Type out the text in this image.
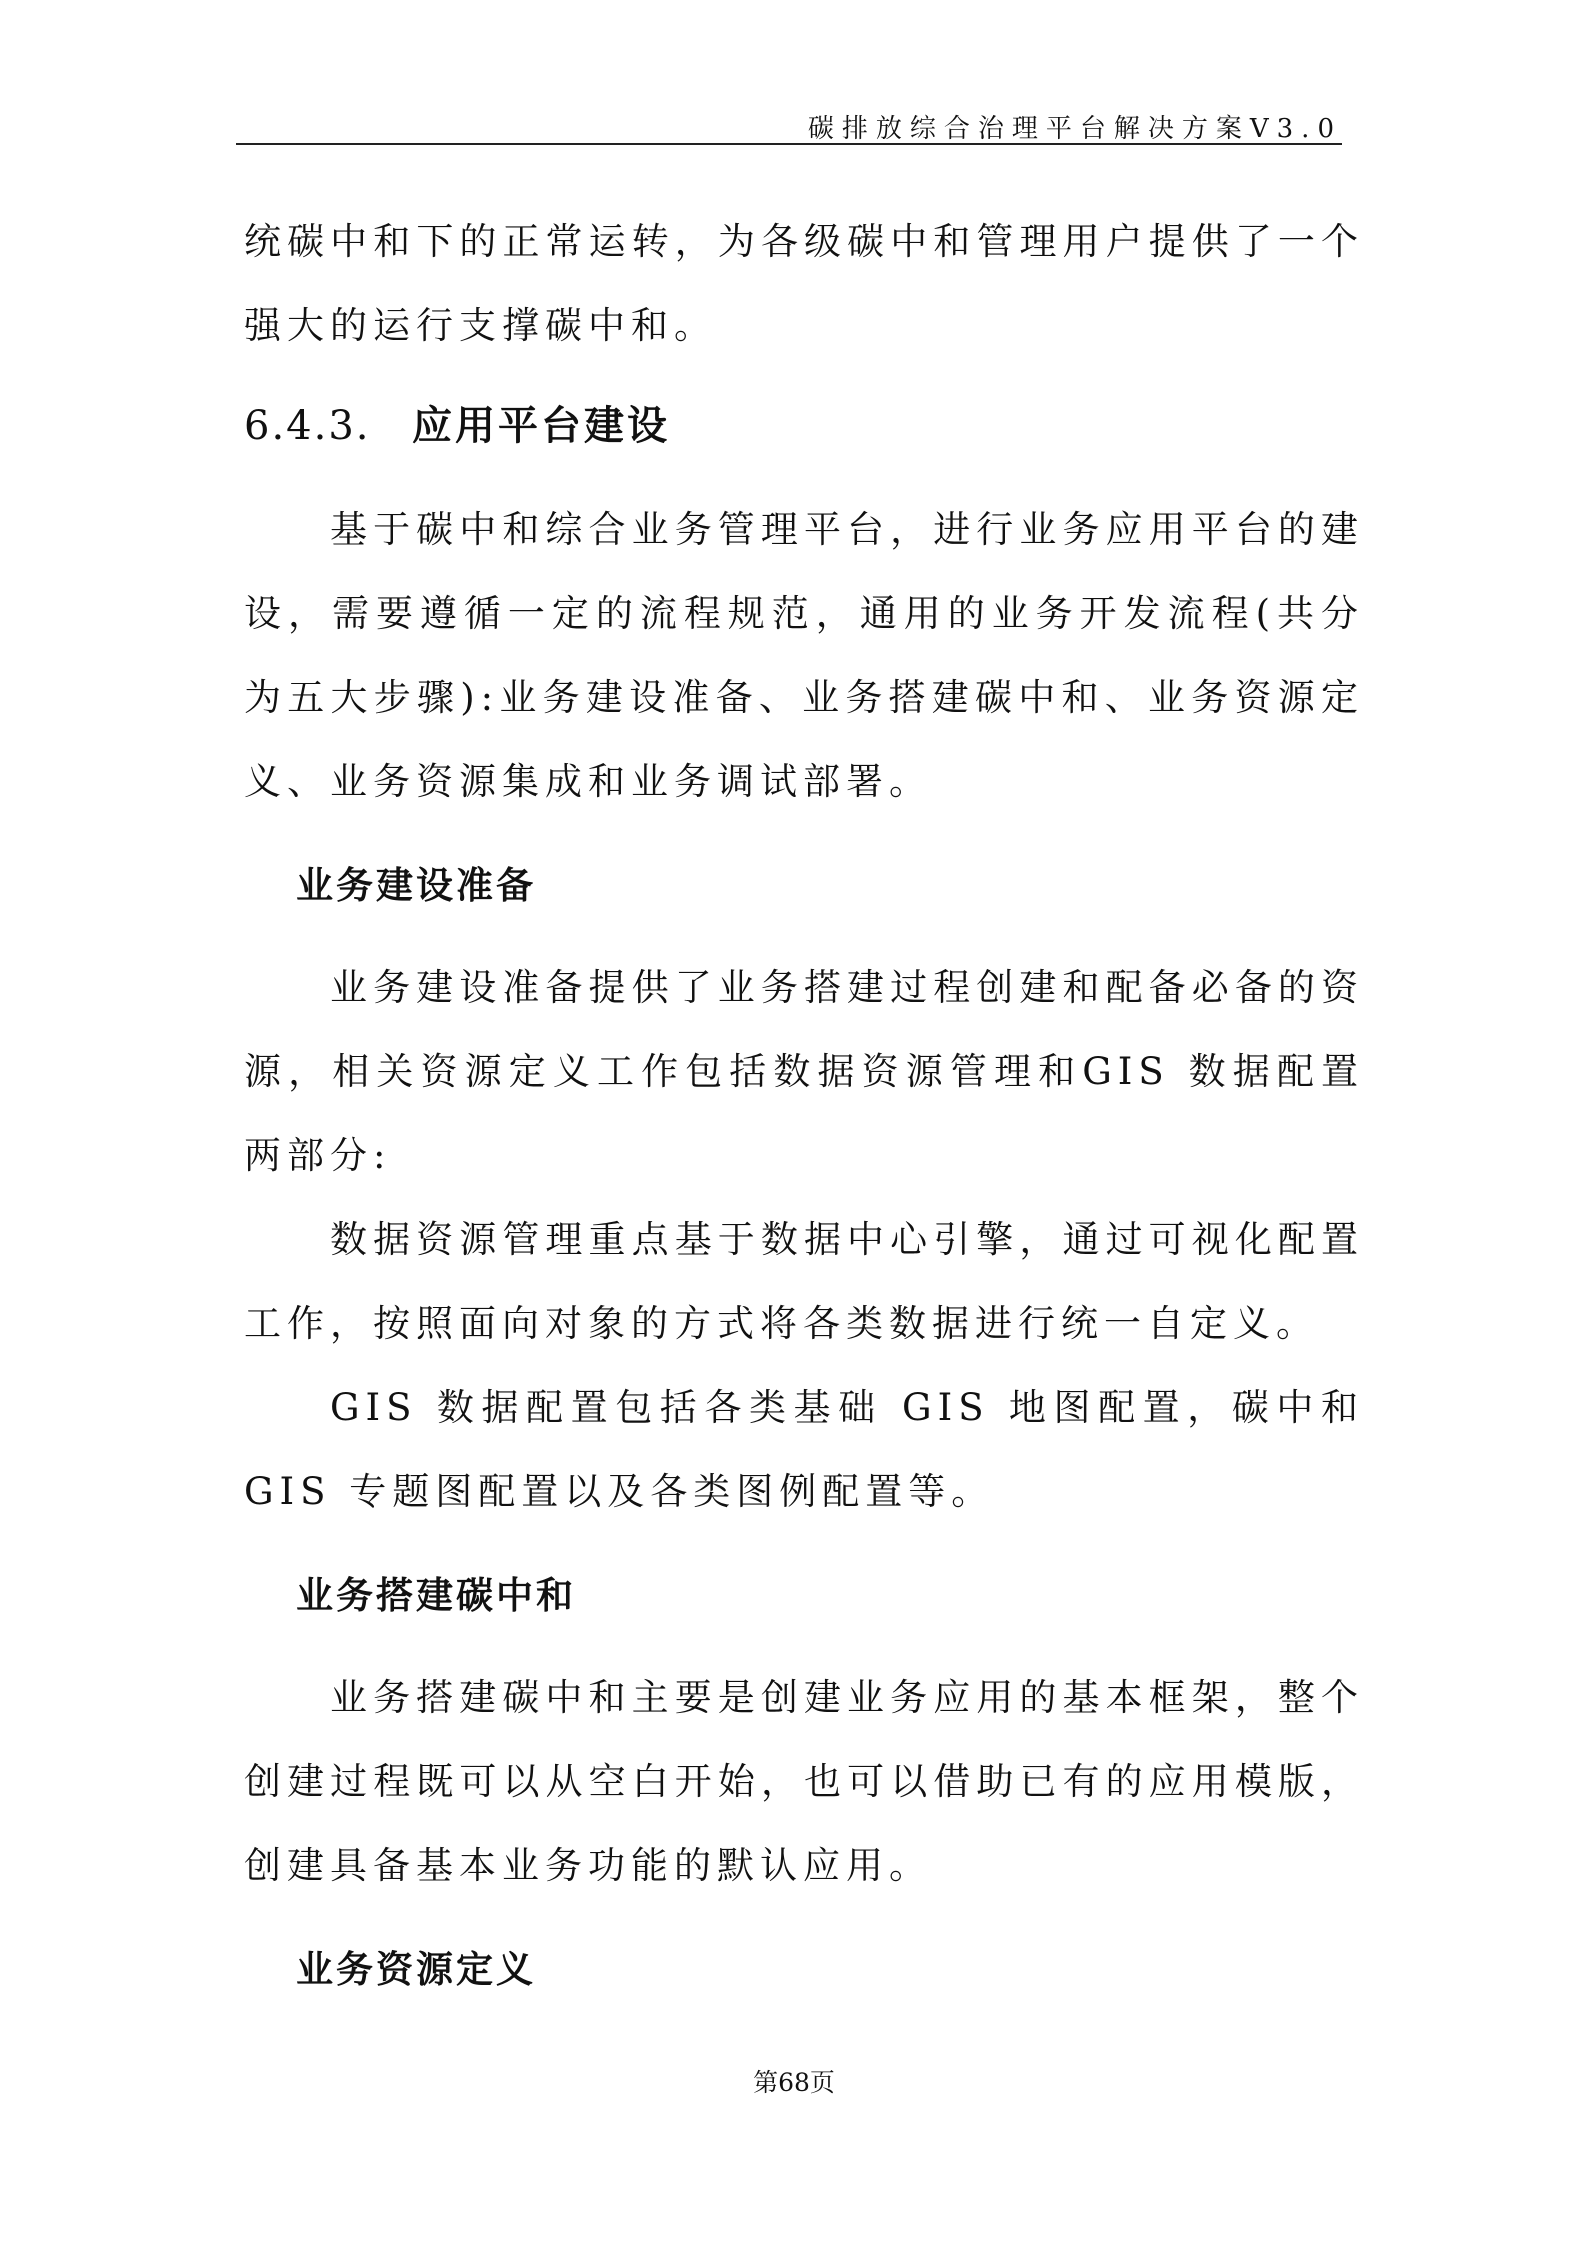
碳排放综合治理平台解决方案V3.0

统碳中和下的正常运转，为各级碳中和管理用户提供了一个强大的运行支撑碳中和。

6.4.3.	应用平台建设

基于碳中和综合业务管理平台，进行业务应用平台的建设，需要遵循一定的流程规范，通用的业务开发流程(共分为五大步骤):业务建设准备、业务搭建碳中和、业务资源定义、业务资源集成和业务调试部署。

业务建设准备

业务建设准备提供了业务搭建过程创建和配备必备的资源，相关资源定义工作包括数据资源管理和GIS 数据配置两部分:

数据资源管理重点基于数据中心引擎，通过可视化配置工作，按照面向对象的方式将各类数据进行统一自定义。

GIS 数据配置包括各类基础 GIS 地图配置，碳中和 GIS 专题图配置以及各类图例配置等。

业务搭建碳中和

业务搭建碳中和主要是创建业务应用的基本框架，整个创建过程既可以从空白开始，也可以借助已有的应用模版，创建具备基本业务功能的默认应用。

业务资源定义
第68页
